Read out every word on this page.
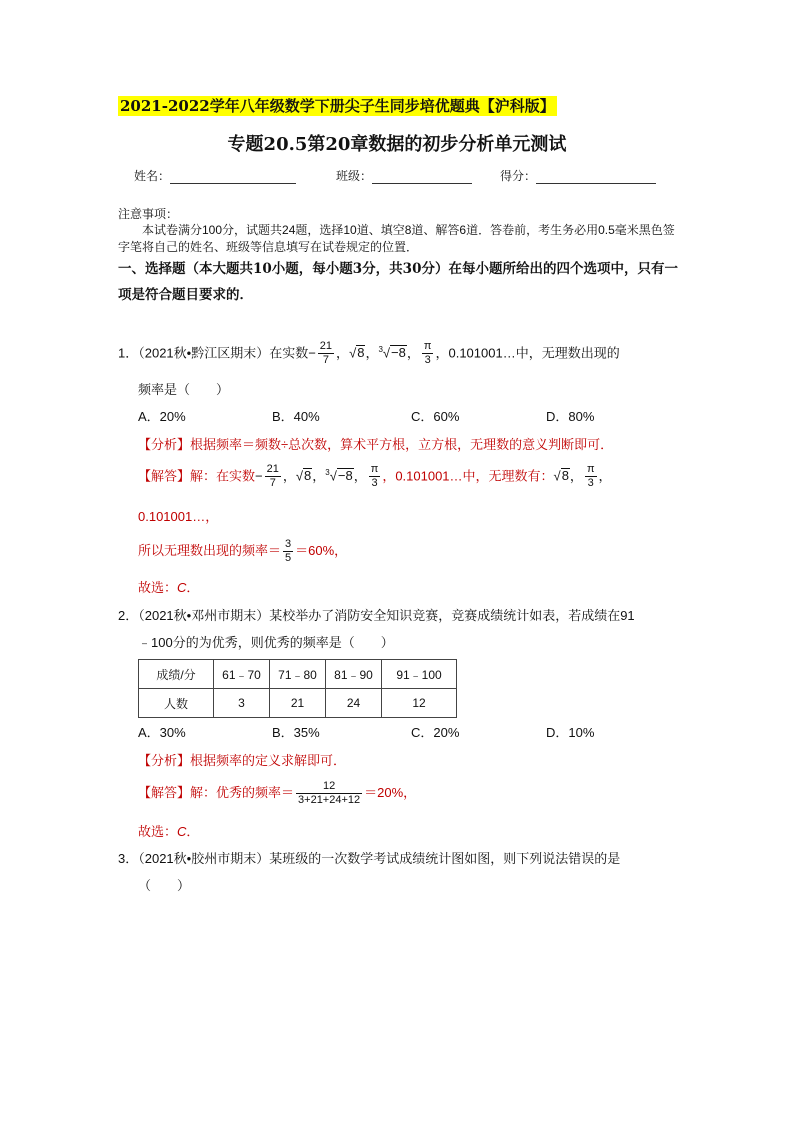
2021-2022学年八年级数学下册尖子生同步培优题典【沪科版】
专题20.5第20章数据的初步分析单元测试
姓名：	班级：	得分：
注意事项：
本试卷满分100分，试题共24题，选择10道、填空8道、解答6道．答卷前，考生务必用0.5毫米黑色签字笔将自己的姓名、班级等信息填写在试卷规定的位置．
一、选择题（本大题共10小题，每小题3分，共30分）在每小题所给出的四个选项中，只有一项是符合题目要求的．
1．（2021秋•黔江区期末）在实数− $\frac{21}{7}$ ，√8，$^3$√−8， $\frac{\pi}{3}$ ，0.101001…中，无理数出现的
频率是（　　）
A．20%	B．40%	C．60%	D．80%
【分析】根据频率＝频数÷总次数，算术平方根，立方根，无理数的意义判断即可．
【解答】解：在实数− $\frac{21}{7}$ ，√8，$^3$√−8， $\frac{\pi}{3}$ ，0.101001…中，无理数有：√8， $\frac{\pi}{3}$ ，
0.101001…，
所以无理数出现的频率＝ $\frac{3}{5} =60\%$，
故选：C．
2．（2021秋•邓州市期末）某校举办了消防安全知识竞赛，竞赛成绩统计如表，若成绩在91
﹣100分的为优秀，则优秀的频率是（　　）
成绩/分	61﹣70	71﹣80	81﹣90	91﹣100
人数	3	21	24	12
A．30%	B．35%	C．20%	D．10%
【分析】根据频率的定义求解即可．
【解答】解：优秀的频率＝ $\frac{12}{3+21+24+12} =20\%$，
故选：C．
3．（2021秋•胶州市期末）某班级的一次数学考试成绩统计图如图，则下列说法错误的是
（　　）
